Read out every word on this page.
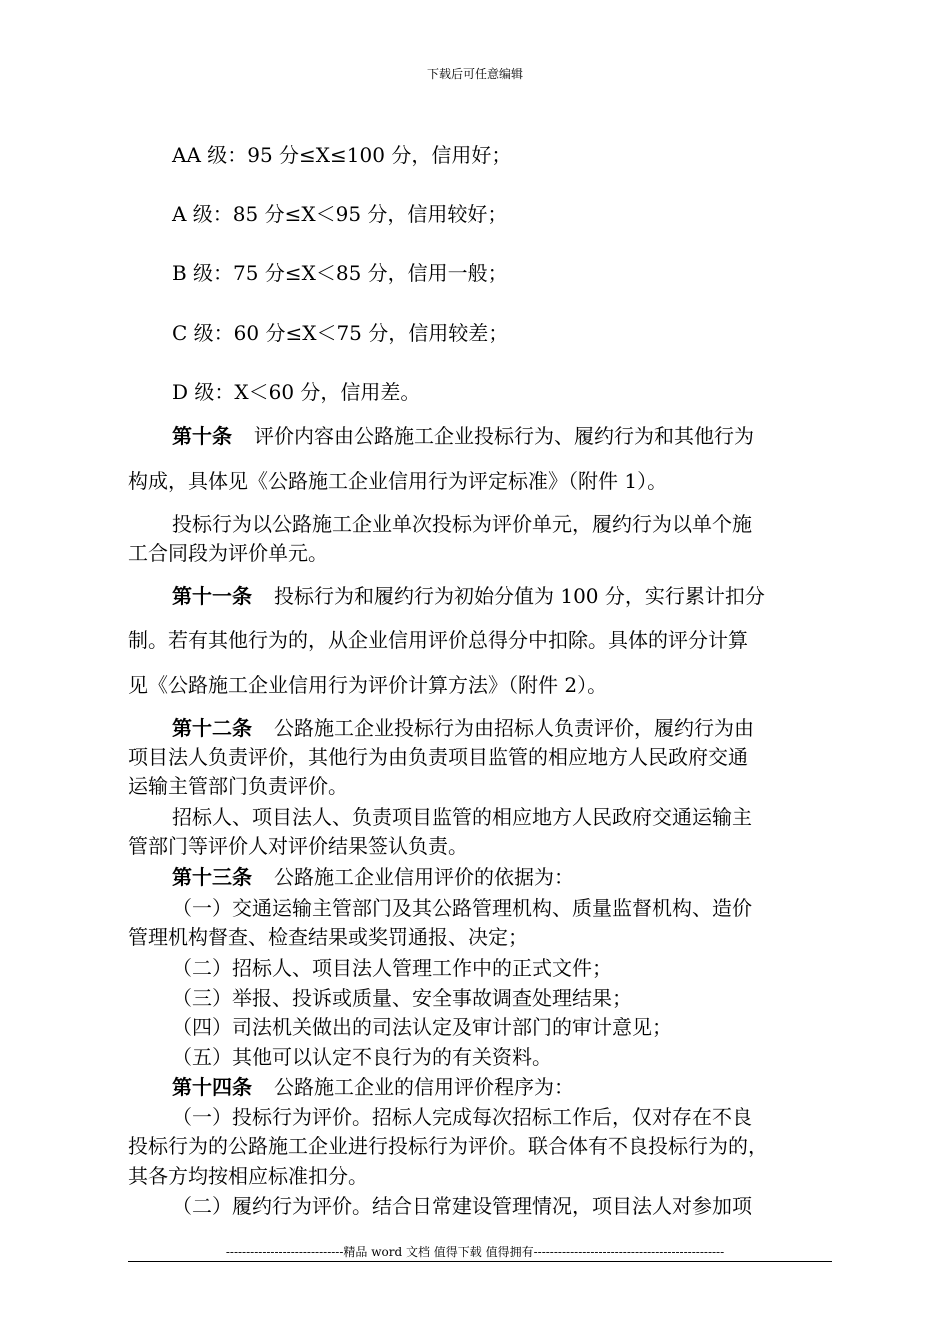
下载后可任意编辑
AA 级：95 分≤X≤100 分，信用好；
A 级：85 分≤X＜95 分，信用较好；
B 级：75 分≤X＜85 分，信用一般；
C 级：60 分≤X＜75 分，信用较差；
D 级：X＜60 分，信用差。
第十条 评价内容由公路施工企业投标行为、履约行为和其他行为
构成，具体见《公路施工企业信用行为评定标准》（附件 1）。
投标行为以公路施工企业单次投标为评价单元，履约行为以单个施
工合同段为评价单元。
第十一条 投标行为和履约行为初始分值为 100 分，实行累计扣分
制。若有其他行为的，从企业信用评价总得分中扣除。具体的评分计算
见《公路施工企业信用行为评价计算方法》（附件 2）。
第十二条 公路施工企业投标行为由招标人负责评价，履约行为由
项目法人负责评价，其他行为由负责项目监管的相应地方人民政府交通
运输主管部门负责评价。
招标人、项目法人、负责项目监管的相应地方人民政府交通运输主
管部门等评价人对评价结果签认负责。
第十三条 公路施工企业信用评价的依据为：
（一）交通运输主管部门及其公路管理机构、质量监督机构、造价
管理机构督查、检查结果或奖罚通报、决定；
（二）招标人、项目法人管理工作中的正式文件；
（三）举报、投诉或质量、安全事故调查处理结果；
（四）司法机关做出的司法认定及审计部门的审计意见；
（五）其他可以认定不良行为的有关资料。
第十四条 公路施工企业的信用评价程序为：
（一）投标行为评价。招标人完成每次招标工作后，仅对存在不良
投标行为的公路施工企业进行投标行为评价。联合体有不良投标行为的，
其各方均按相应标准扣分。
（二）履约行为评价。结合日常建设管理情况，项目法人对参加项
-----------------------------精品 word 文档 值得下载 值得拥有-----------------------------------------------
